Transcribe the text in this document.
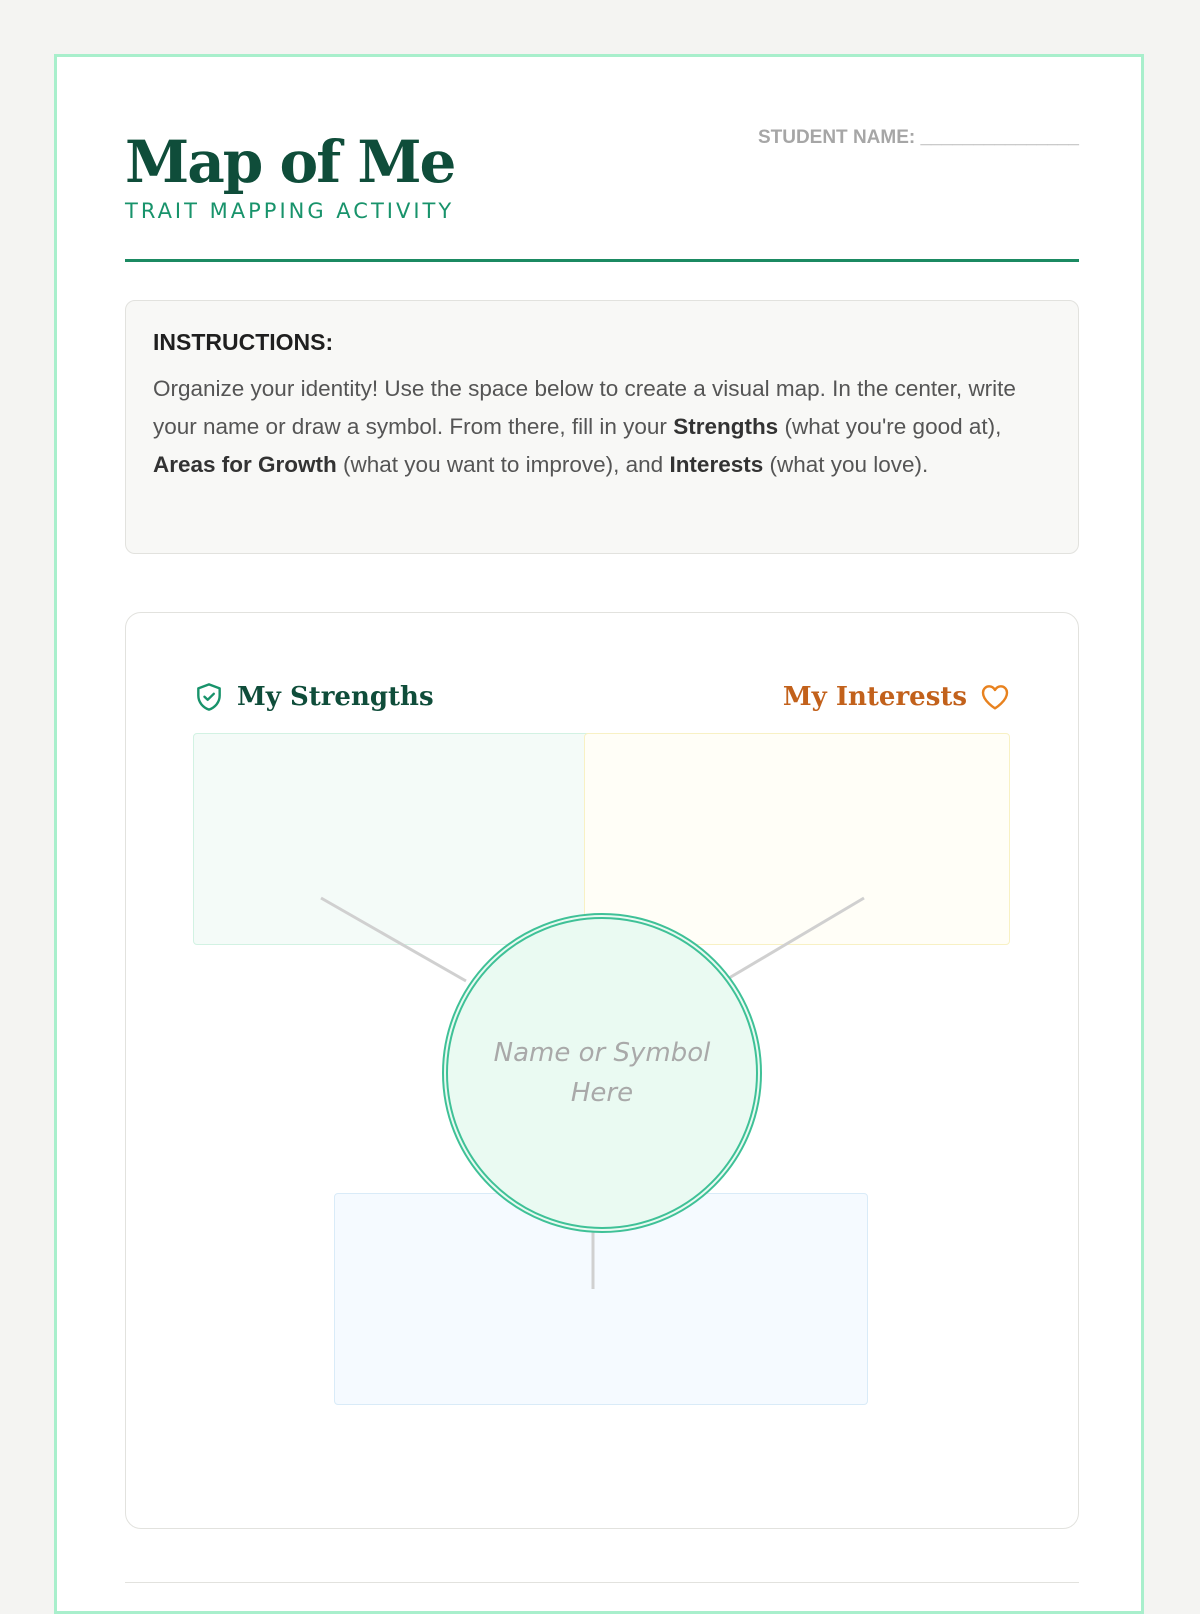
Map of Me
TRAIT MAPPING ACTIVITY
STUDENT NAME: _______________

INSTRUCTIONS:

Organize your identity! Use the space below to create a visual map. In the center, write your name or draw a symbol. From there, fill in your Strengths (what you're good at), Areas for Growth (what you want to improve), and Interests (what you love).

My Strengths	My Interests
Name or Symbol Here
